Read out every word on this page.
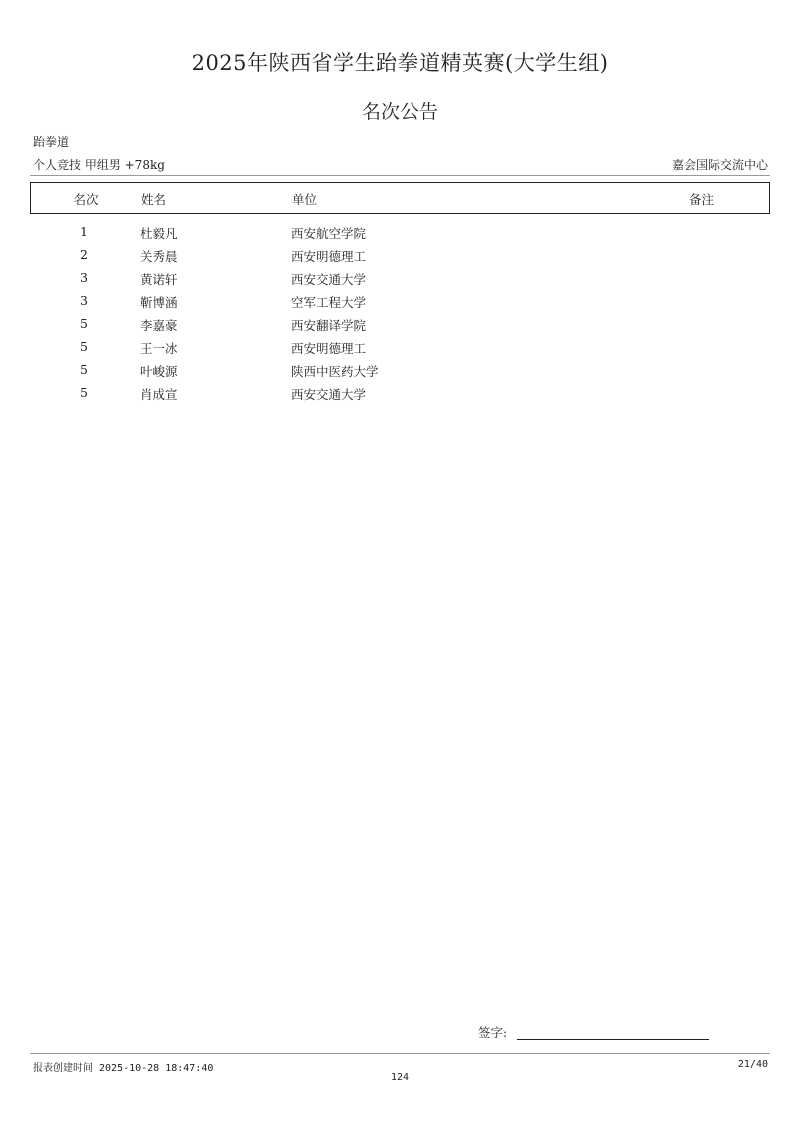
2025年陕西省学生跆拳道精英赛(大学生组)
名次公告
跆拳道
个人竞技 甲组男 +78kg	嘉会国际交流中心
名次	姓名	单位	备注
1	杜毅凡	西安航空学院
2	关秀晨	西安明德理工
3	黄诺轩	西安交通大学
3	靳博涵	空军工程大学
5	李嘉豪	西安翻译学院
5	王一冰	西安明德理工
5	叶峻源	陕西中医药大学
5	肖成宣	西安交通大学
签字:
报表创建时间 2025-10-28 18:47:40	21/40
124
